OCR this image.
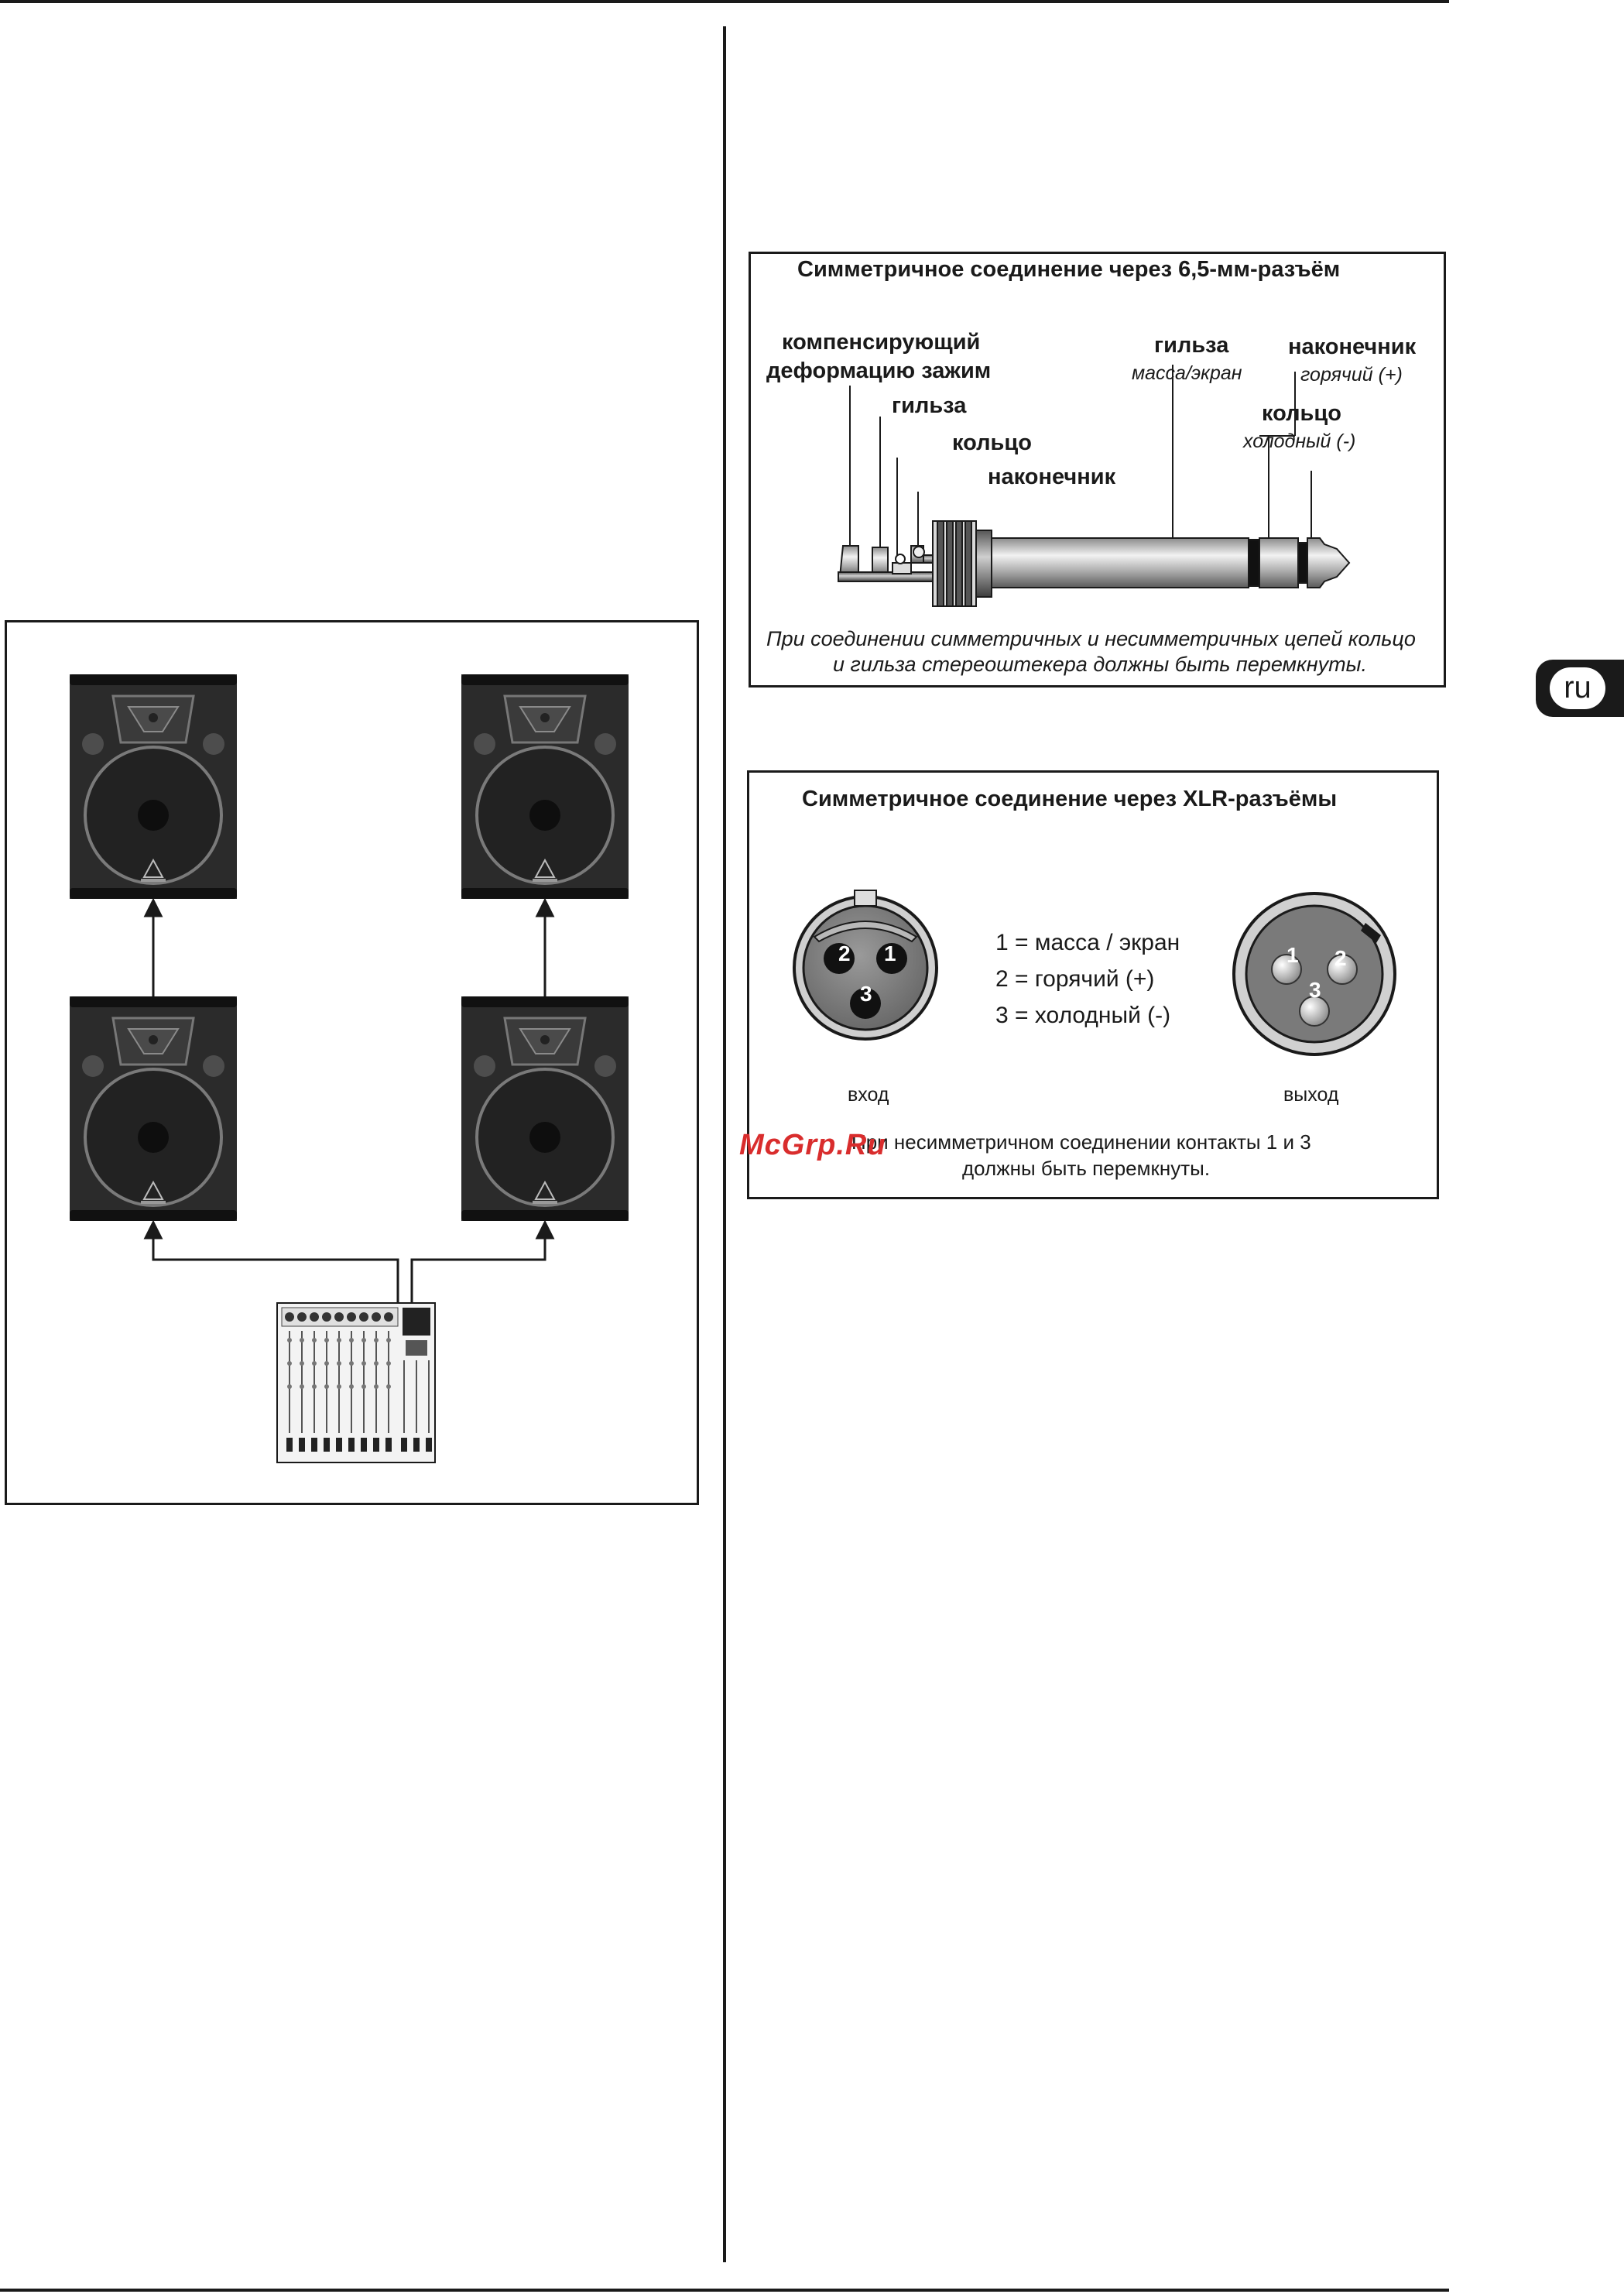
Симметричное соединение через 6,5-мм-разъём
компенсирующий
деформацию зажим
гильза
кольцо
наконечник
гильза
масса/экран
наконечник
горячий (+)
кольцо
холодный (-)
При соединении симметричных и несимметричных цепей кольцо
и гильза стереоштекера должны быть перемкнуты.
ru
Симметричное соединение через XLR-разъёмы
2 1
3
вход
1 = масса / экран
2 = горячий (+)
3 = холодный (-)
1 2
3
выход
При несимметричном соединении контакты 1 и 3
должны быть перемкнуты.
McGrp.Ru
